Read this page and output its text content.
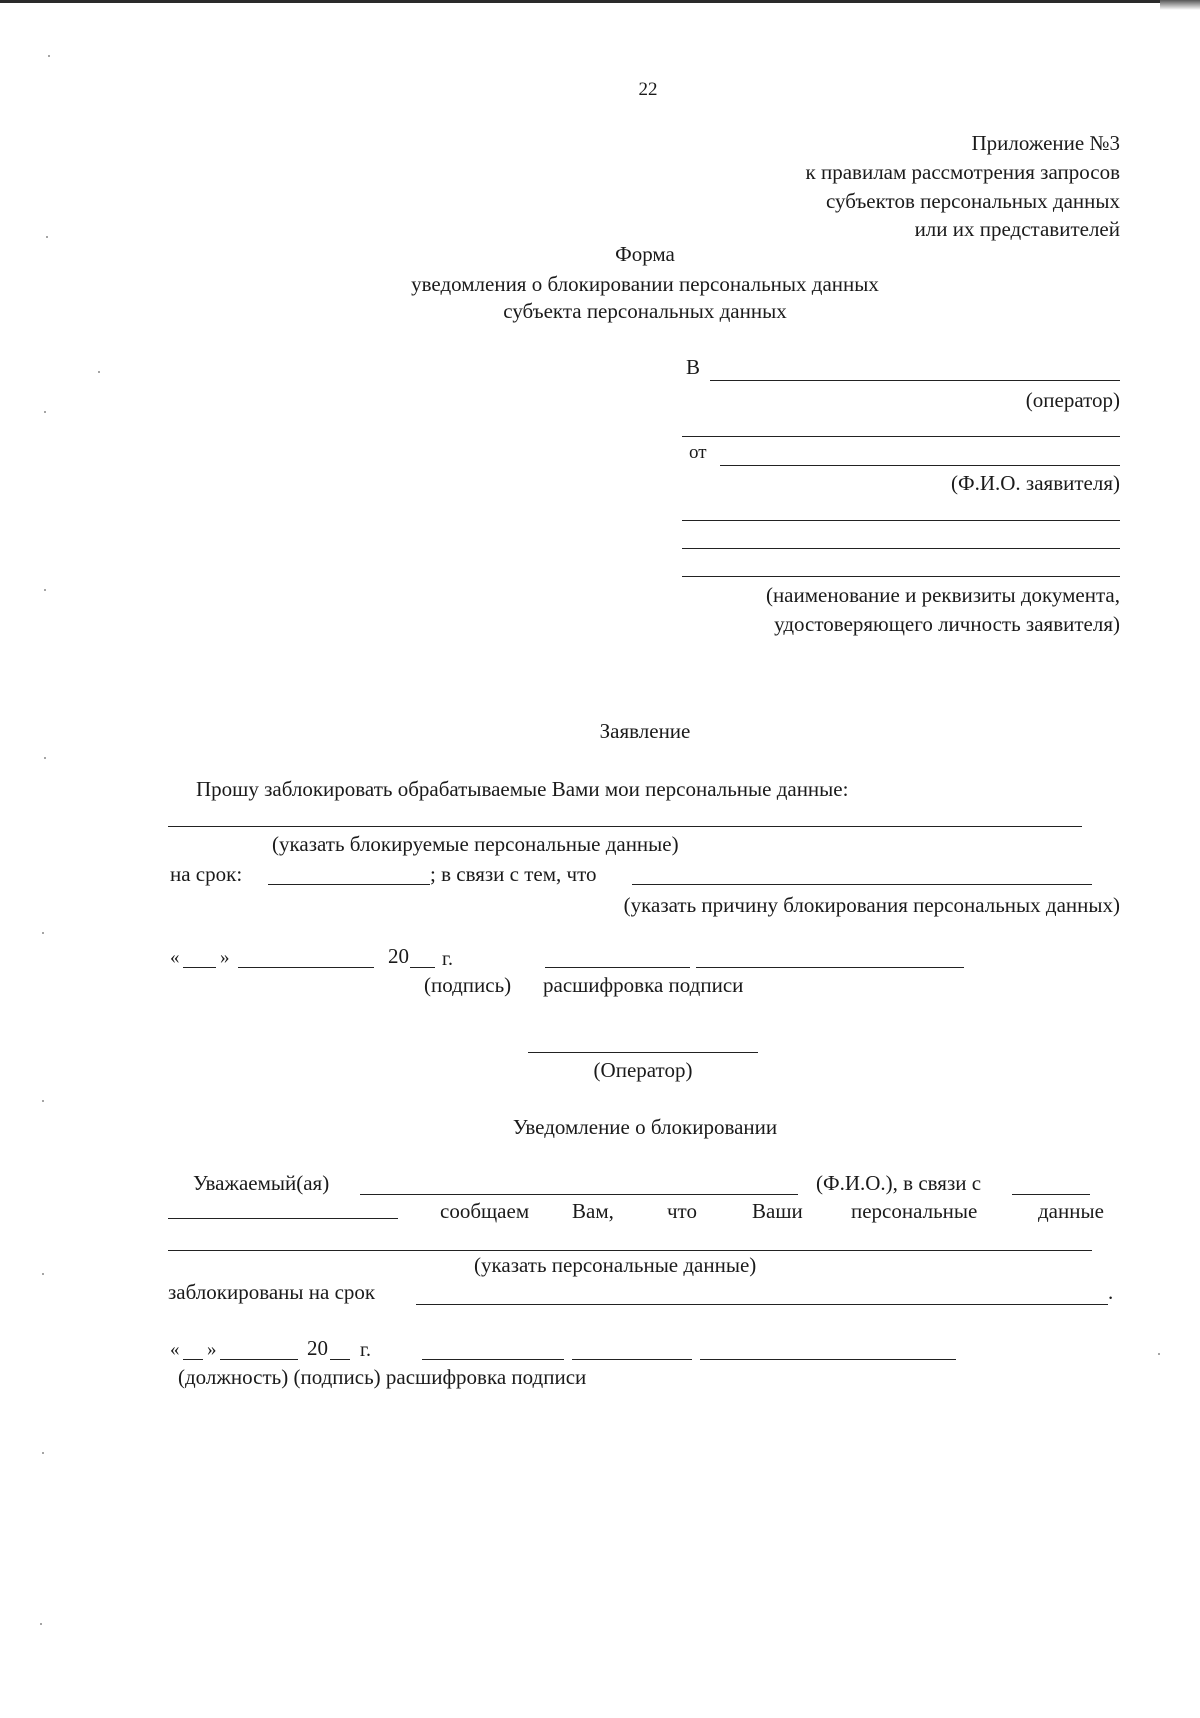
22
Приложение №3
к правилам рассмотрения запросов
субъектов персональных данных
или их представителей
Форма
уведомления о блокировании персональных данных
субъекта персональных данных
В
(оператор)
от
(Ф.И.О. заявителя)
(наименование и реквизиты документа,
удостоверяющего личность заявителя)
Заявление
Прошу заблокировать обрабатываемые Вами мои персональные данные:
(указать блокируемые персональные данные)
на срок:	; в связи с тем, что
(указать причину блокирования персональных данных)
« »	20 г.
(подпись) расшифровка подписи
(Оператор)
Уведомление о блокировании
Уважаемый(ая)	(Ф.И.О.), в связи с
сообщаем Вам,	что	Ваши персональные	данные
(указать персональные данные)
заблокированы на срок	.
« »	20 г.
(должность) (подпись) расшифровка подписи
